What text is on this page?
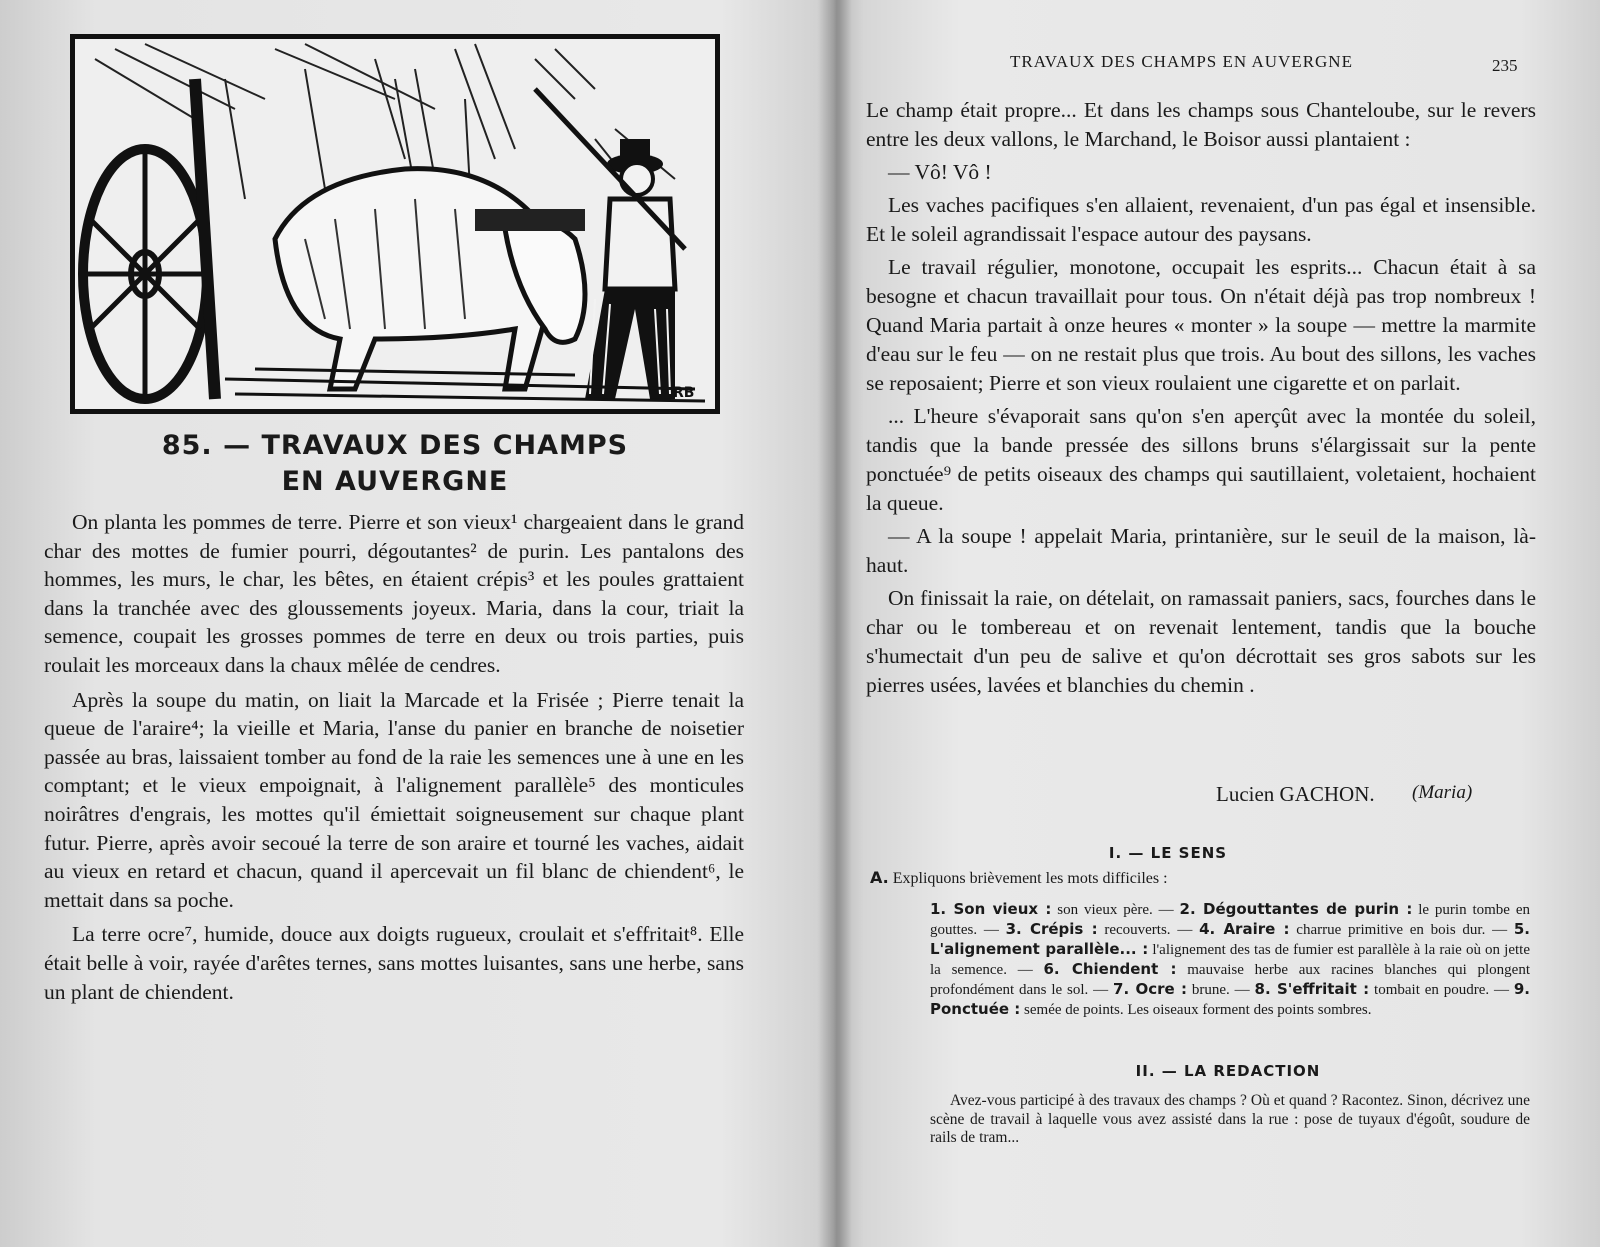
RB
85. — TRAVAUX DES CHAMPS
EN AUVERGNE

On planta les pommes de terre. Pierre et son vieux¹ chargeaient dans le grand char des mottes de fumier pourri, dégoutantes² de purin. Les pantalons des hommes, les murs, le char, les bêtes, en étaient crépis³ et les poules grattaient dans la tranchée avec des gloussements joyeux. Maria, dans la cour, triait la semence, coupait les grosses pommes de terre en deux ou trois parties, puis roulait les morceaux dans la chaux mêlée de cendres.

Après la soupe du matin, on liait la Marcade et la Frisée ; Pierre tenait la queue de l'araire⁴; la vieille et Maria, l'anse du panier en branche de noisetier passée au bras, laissaient tomber au fond de la raie les semences une à une en les comptant; et le vieux empoignait, à l'alignement parallèle⁵ des monticules noirâtres d'engrais, les mottes qu'il émiettait soigneusement sur chaque plant futur. Pierre, après avoir secoué la terre de son araire et tourné les vaches, aidait au vieux en retard et chacun, quand il apercevait un fil blanc de chiendent⁶, le mettait dans sa poche.

La terre ocre⁷, humide, douce aux doigts rugueux, croulait et s'effritait⁸. Elle était belle à voir, rayée d'arêtes ternes, sans mottes luisantes, sans une herbe, sans un plant de chiendent.

TRAVAUX DES CHAMPS EN AUVERGNE	235

Le champ était propre... Et dans les champs sous Chanteloube, sur le revers entre les deux vallons, le Marchand, le Boisor aussi plantaient :

— Vô! Vô !

Les vaches pacifiques s'en allaient, revenaient, d'un pas égal et insensible. Et le soleil agrandissait l'espace autour des paysans.

Le travail régulier, monotone, occupait les esprits... Chacun était à sa besogne et chacun travaillait pour tous. On n'était déjà pas trop nombreux ! Quand Maria partait à onze heures « monter » la soupe — mettre la marmite d'eau sur le feu — on ne restait plus que trois. Au bout des sillons, les vaches se reposaient; Pierre et son vieux roulaient une cigarette et on parlait.

... L'heure s'évaporait sans qu'on s'en aperçût avec la montée du soleil, tandis que la bande pressée des sillons bruns s'élargissait sur la pente ponctuée⁹ de petits oiseaux des champs qui sautillaient, voletaient, hochaient la queue.

— A la soupe ! appelait Maria, printanière, sur le seuil de la maison, là-haut.

On finissait la raie, on dételait, on ramassait paniers, sacs, fourches dans le char ou le tombereau et on revenait lentement, tandis que la bouche s'humectait d'un peu de salive et qu'on décrottait ses gros sabots sur les pierres usées, lavées et blanchies du chemin .

Lucien GACHON. (Maria)
I. — LE SENS
A. Expliquons brièvement les mots difficiles :
1. Son vieux : son vieux père. — 2. Dégouttantes de purin : le purin tombe en gouttes. — 3. Crépis : recouverts. — 4. Araire : charrue primitive en bois dur. — 5. L'alignement parallèle... : l'alignement des tas de fumier est parallèle à la raie où on jette la semence. — 6. Chiendent : mauvaise herbe aux racines blanches qui plongent profondément dans le sol. — 7. Ocre : brune. — 8. S'effritait : tombait en poudre. — 9. Ponctuée : semée de points. Les oiseaux forment des points sombres.
II. — LA REDACTION
Avez-vous participé à des travaux des champs ? Où et quand ? Racontez. Sinon, décrivez une scène de travail à laquelle vous avez assisté dans la rue : pose de tuyaux d'égoût, soudure de rails de tram...
